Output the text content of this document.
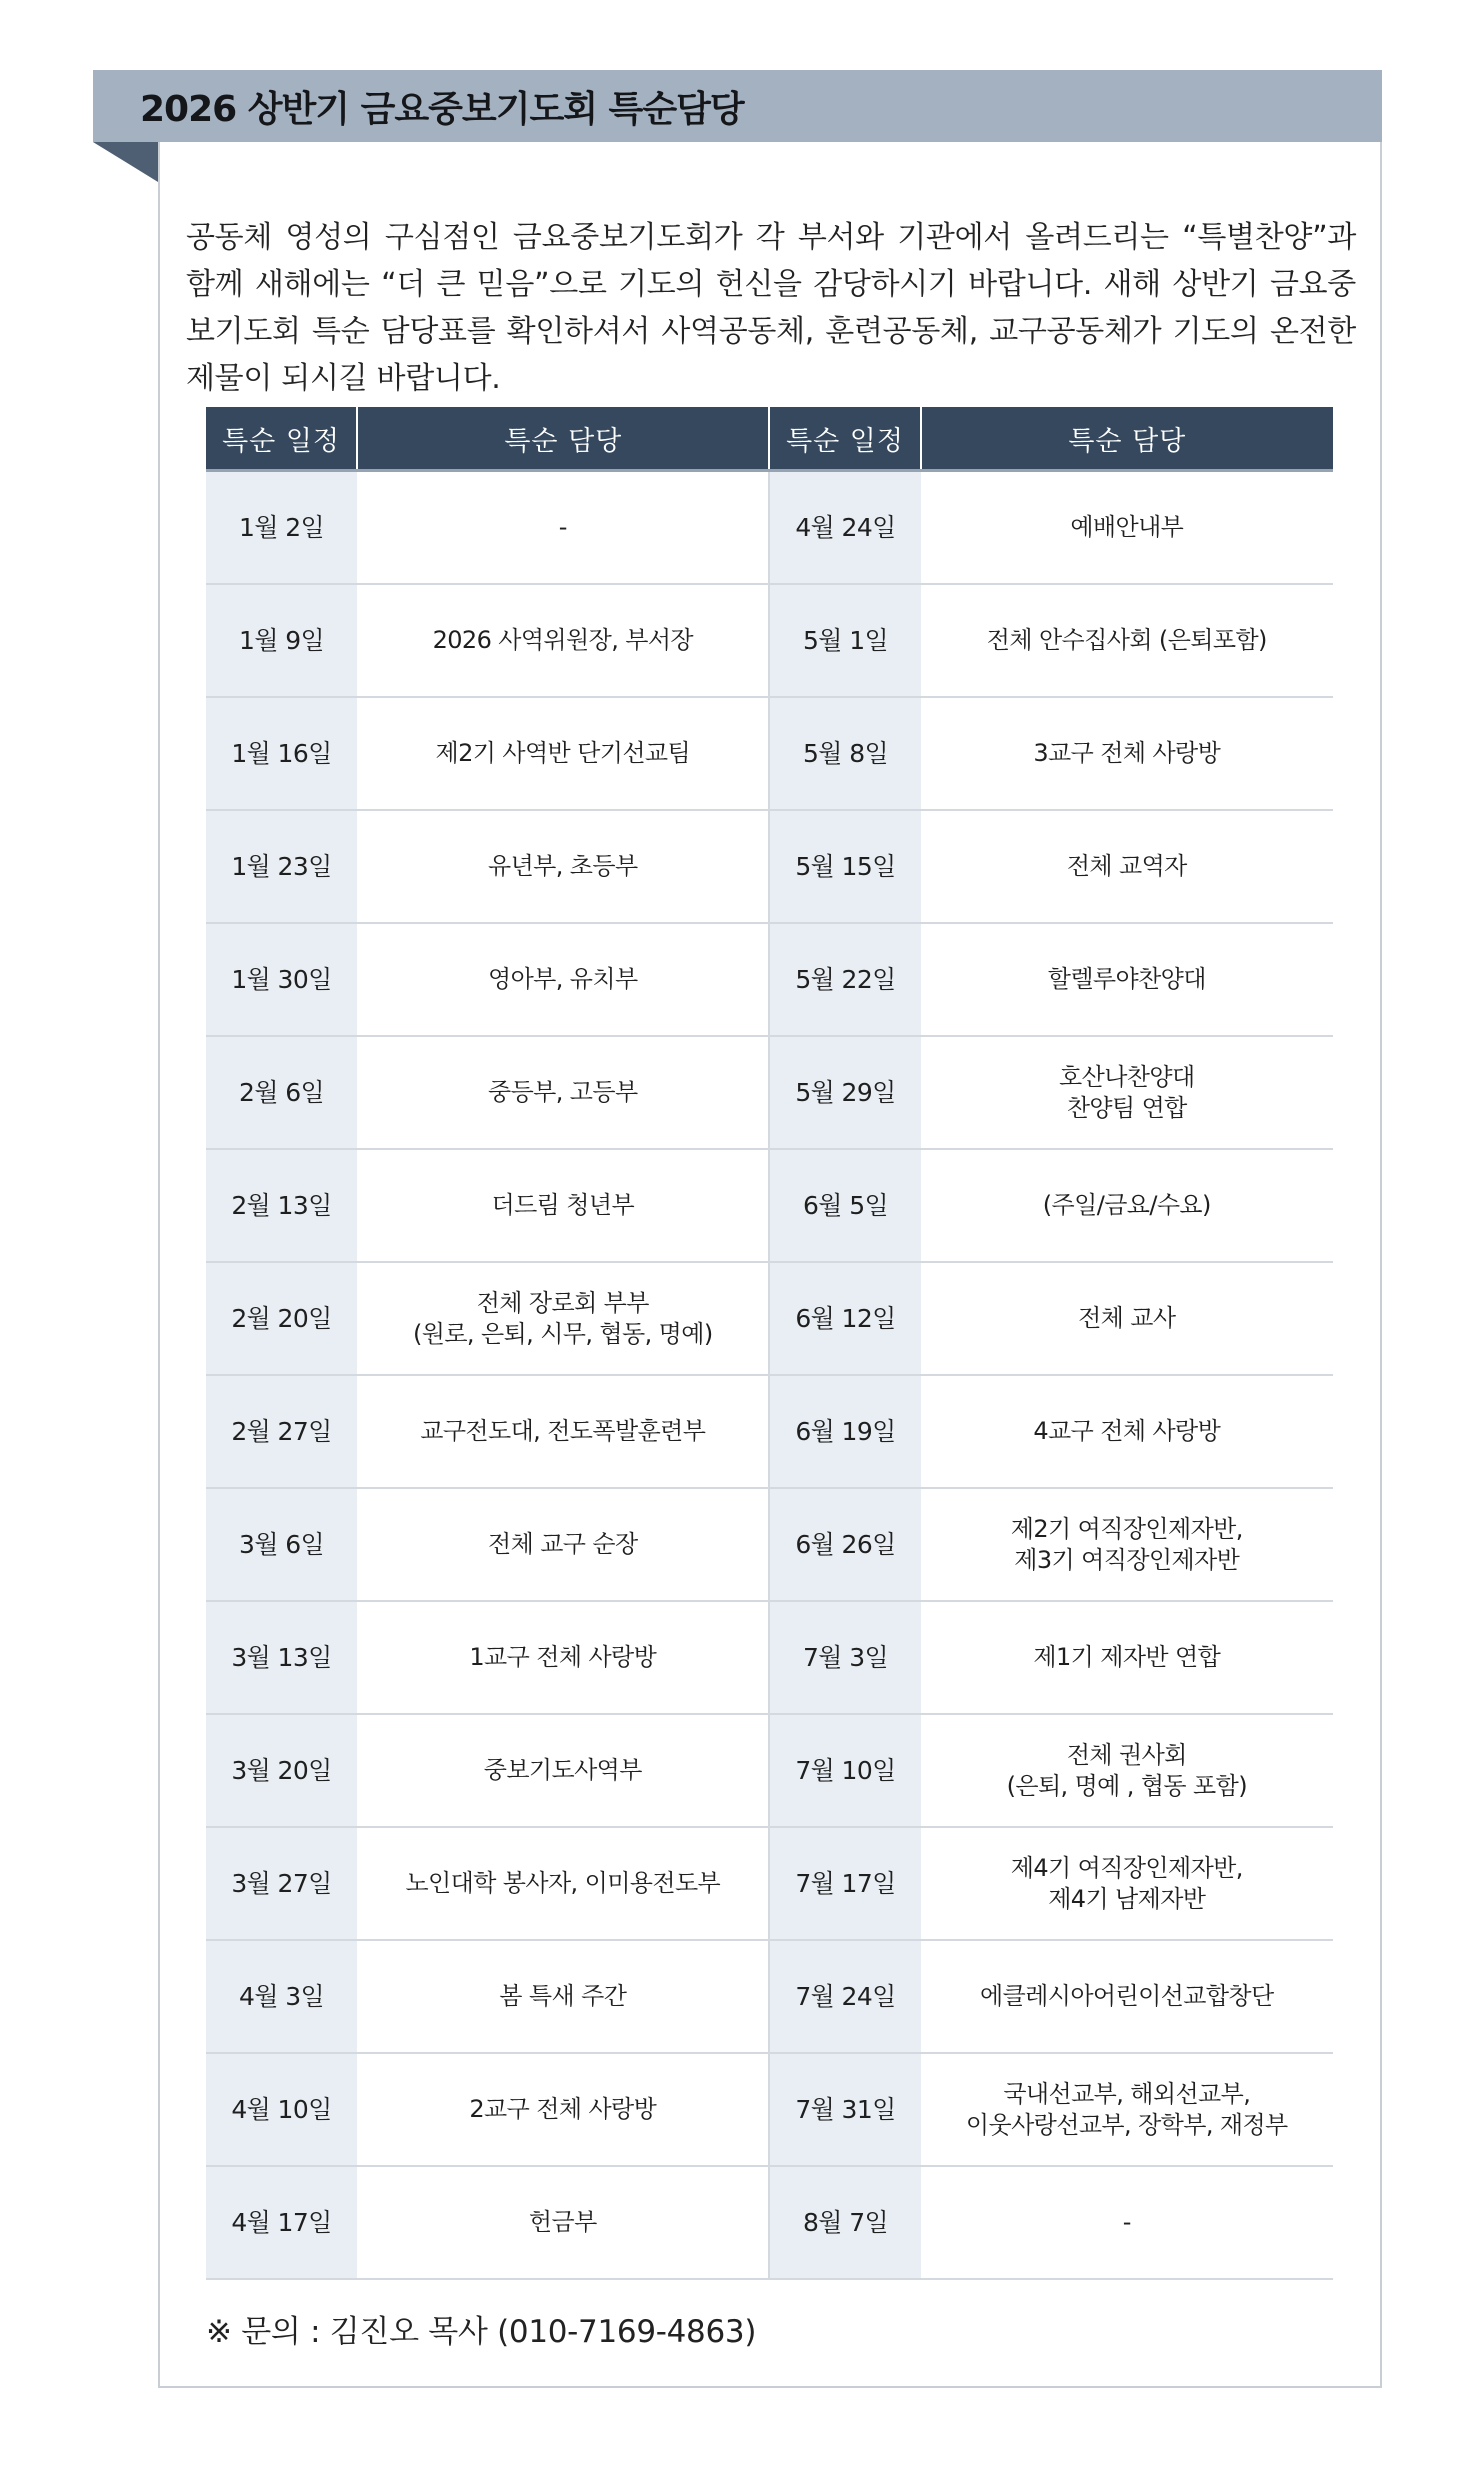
2026 상반기 금요중보기도회 특순담당

공동체 영성의 구심점인 금요중보기도회가 각 부서와 기관에서 올려드리는 “특별찬양”과 함께 새해에는 “더 큰 믿음”으로 기도의 헌신을 감당하시기 바랍니다. 새해 상반기 금요중보기도회 특순 담당표를 확인하셔서 사역공동체, 훈련공동체, 교구공동체가 기도의 온전한 제물이 되시길 바랍니다.

특순 일정	특순 담당	특순 일정	특순 담당
1월 2일	-	4월 24일	예배안내부
1월 9일	2026 사역위원장, 부서장	5월 1일	전체 안수집사회 (은퇴포함)
1월 16일	제2기 사역반 단기선교팀	5월 8일	3교구 전체 사랑방
1월 23일	유년부, 초등부	5월 15일	전체 교역자
1월 30일	영아부, 유치부	5월 22일	할렐루야찬양대
2월 6일	중등부, 고등부	5월 29일	호산나찬양대
찬양팀 연합
2월 13일	더드림 청년부	6월 5일	(주일/금요/수요)
2월 20일	전체 장로회 부부
(원로, 은퇴, 시무, 협동, 명예)	6월 12일	전체 교사
2월 27일	교구전도대, 전도폭발훈련부	6월 19일	4교구 전체 사랑방
3월 6일	전체 교구 순장	6월 26일	제2기 여직장인제자반,
제3기 여직장인제자반
3월 13일	1교구 전체 사랑방	7월 3일	제1기 제자반 연합
3월 20일	중보기도사역부	7월 10일	전체 권사회
(은퇴, 명예 , 협동 포함)
3월 27일	노인대학 봉사자, 이미용전도부	7월 17일	제4기 여직장인제자반,
제4기 남제자반
4월 3일	봄 특새 주간	7월 24일	에클레시아어린이선교합창단
4월 10일	2교구 전체 사랑방	7월 31일	국내선교부, 해외선교부,
이웃사랑선교부, 장학부, 재정부
4월 17일	헌금부	8월 7일	-
※ 문의 : 김진오 목사 (010-7169-4863)
